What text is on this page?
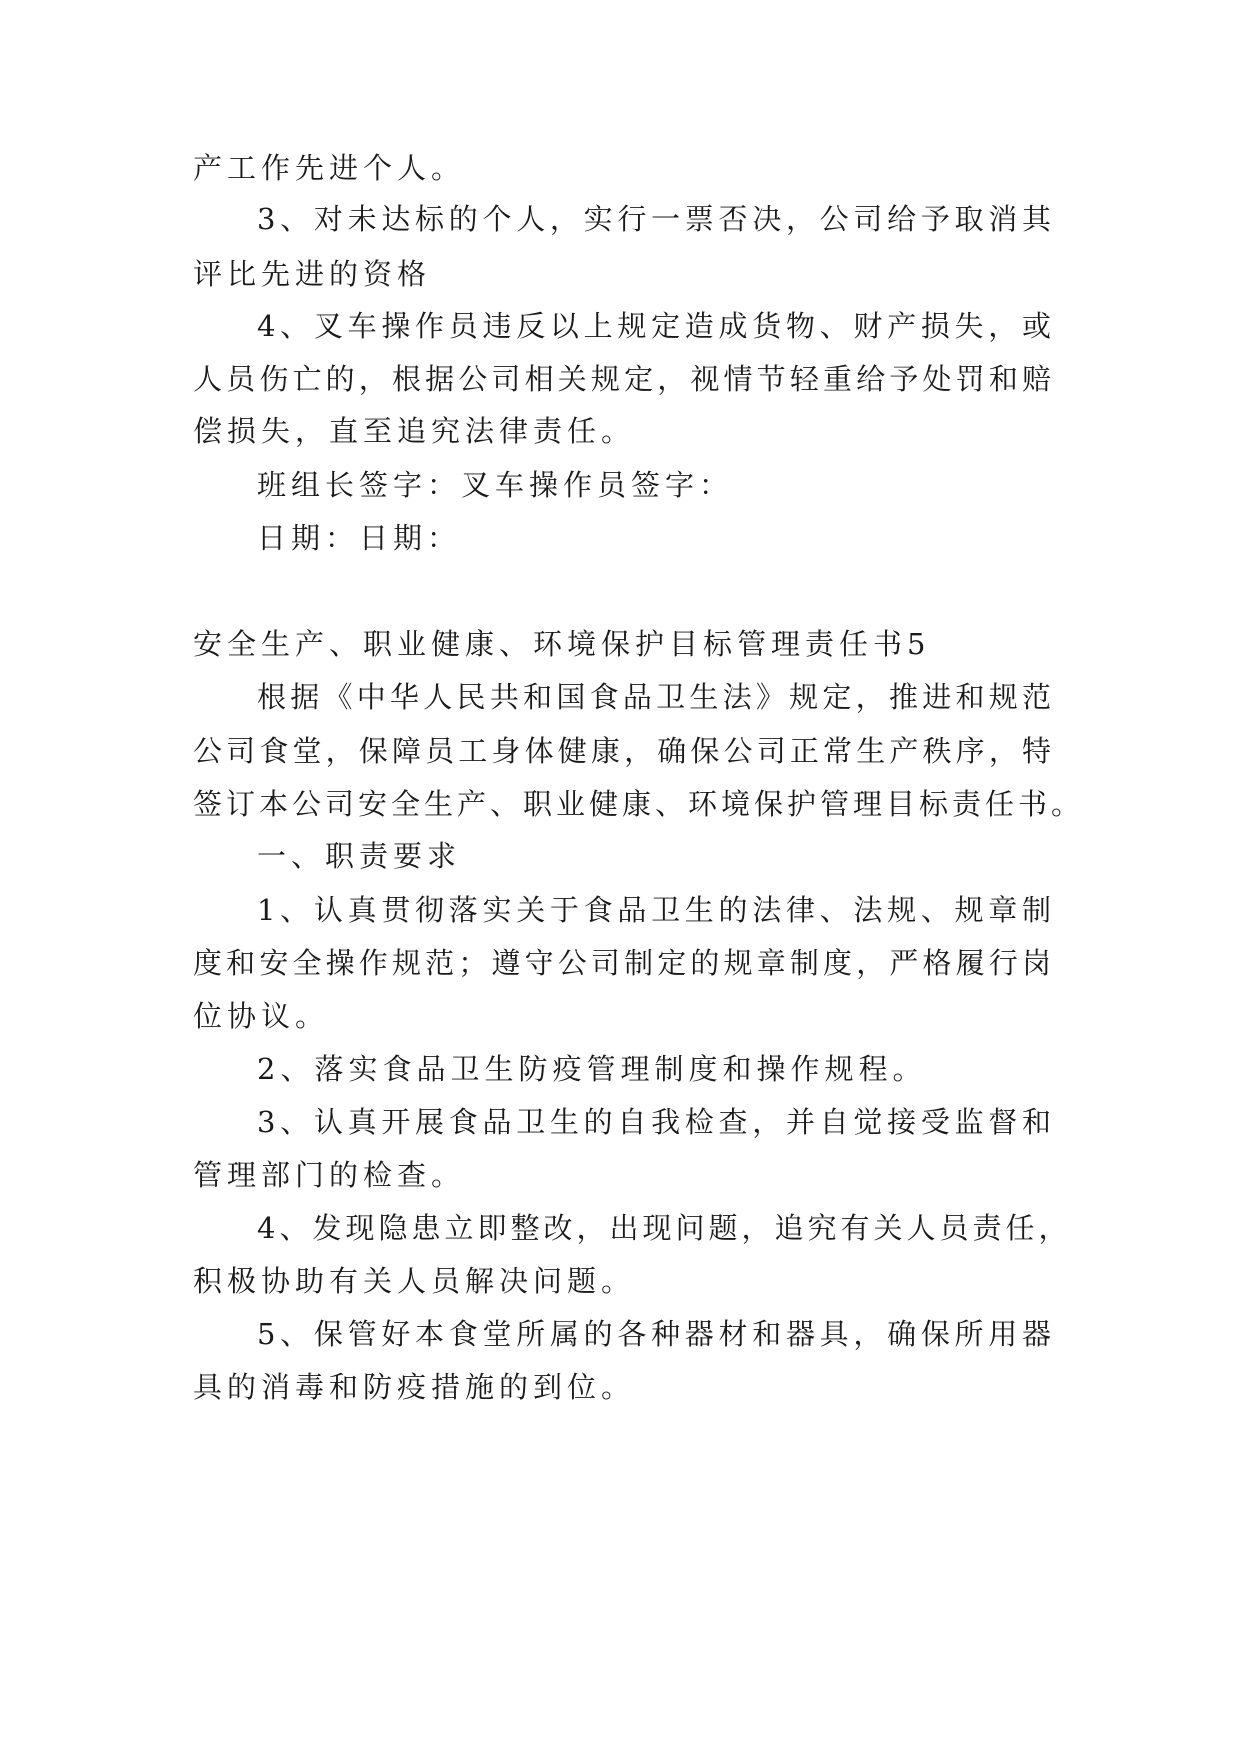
产工作先进个人。
3、对未达标的个人，实行一票否决，公司给予取消其
评比先进的资格
4、叉车操作员违反以上规定造成货物、财产损失，或
人员伤亡的，根据公司相关规定，视情节轻重给予处罚和赔
偿损失，直至追究法律责任。
班组长签字：叉车操作员签字：
日期：日期：
安全生产、职业健康、环境保护目标管理责任书5
根据《中华人民共和国食品卫生法》规定，推进和规范
公司食堂，保障员工身体健康，确保公司正常生产秩序，特
签订本公司安全生产、职业健康、环境保护管理目标责任书。
一、职责要求
1、认真贯彻落实关于食品卫生的法律、法规、规章制
度和安全操作规范；遵守公司制定的规章制度，严格履行岗
位协议。
2、落实食品卫生防疫管理制度和操作规程。
3、认真开展食品卫生的自我检查，并自觉接受监督和
管理部门的检查。
4、发现隐患立即整改，出现问题，追究有关人员责任，
积极协助有关人员解决问题。
5、保管好本食堂所属的各种器材和器具，确保所用器
具的消毒和防疫措施的到位。
